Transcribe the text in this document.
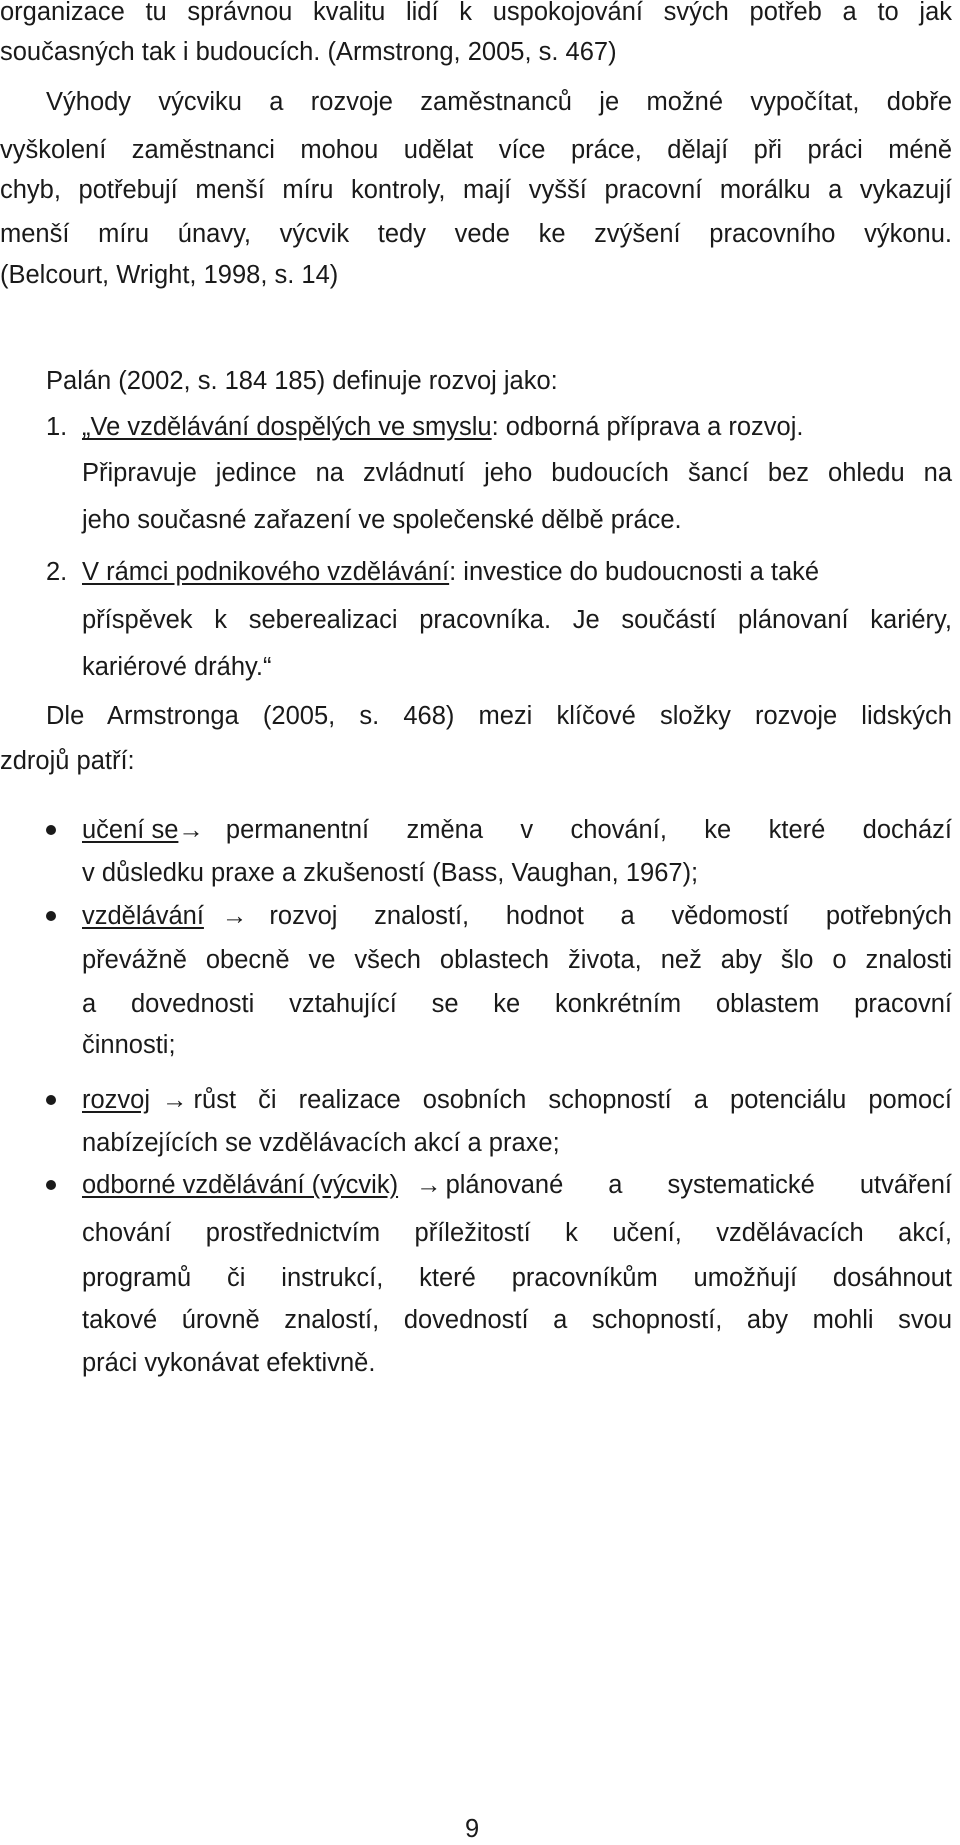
organizace tu správnou kvalitu lidí k uspokojování svých potřeb a to jak
současných tak i budoucích. (Armstrong, 2005, s. 467)
Výhody výcviku a rozvoje zaměstnanců je možné vypočítat, dobře
vyškolení zaměstnanci mohou udělat více práce, dělají při práci méně
chyb, potřebují menší míru kontroly, mají vyšší pracovní morálku a vykazují
menší míru únavy, výcvik tedy vede ke zvýšení pracovního výkonu.
(Belcourt, Wright, 1998, s. 14)
Palán (2002, s. 184 185) definuje rozvoj jako:
1. „Ve vzdělávání dospělých ve smyslu: odborná příprava a rozvoj.
Připravuje jedince na zvládnutí jeho budoucích šancí bez ohledu na
jeho současné zařazení ve společenské dělbě práce.
2. V rámci podnikového vzdělávání: investice do budoucnosti a také
příspěvek k seberealizaci pracovníka. Je součástí plánovaní kariéry,
kariérové dráhy.“
Dle Armstronga (2005, s. 468) mezi klíčové složky rozvoje lidských
zdrojů patří:
učení se → permanentní změna v chování, ke které dochází
v důsledku praxe a zkušeností (Bass, Vaughan, 1967);
vzdělávání → rozvoj znalostí, hodnot a vědomostí potřebných
převážně obecně ve všech oblastech života, než aby šlo o znalosti
a dovednosti vztahující se ke konkrétním oblastem pracovní
činnosti;
rozvoj → růst či realizace osobních schopností a potenciálu pomocí
nabízejících se vzdělávacích akcí a praxe;
odborné vzdělávání (výcvik) → plánované a systematické utváření
chování prostřednictvím příležitostí k učení, vzdělávacích akcí,
programů či instrukcí, které pracovníkům umožňují dosáhnout
takové úrovně znalostí, dovedností a schopností, aby mohli svou
práci vykonávat efektivně.
9
